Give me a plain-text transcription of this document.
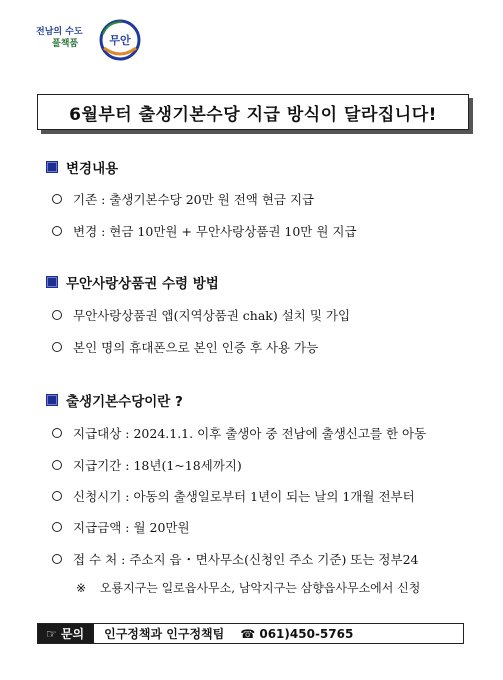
전남의 수도
풀책품	무안
6월부터 출생기본수당 지급 방식이 달라집니다!
변경내용
기존 : 출생기본수당 20만 원 전액 현금 지급
변경 : 현금 10만원 + 무안사랑상품권 10만 원 지급
무안사랑상품권 수령 방법
무안사랑상품권 앱(지역상품권 chak) 설치 및 가입
본인 명의 휴대폰으로 본인 인증 후 사용 가능
출생기본수당이란 ?
지급대상 : 2024.1.1. 이후 출생아 중 전남에 출생신고를 한 아동
지급기간 : 18년(1~18세까지)
신청시기 : 아동의 출생일로부터 1년이 되는 날의 1개월 전부터
지급금액 : 월 20만원
접 수 처 : 주소지 읍 ･ 면사무소(신청인 주소 기준) 또는 정부24
※ 오룡지구는 일로읍사무소, 남악지구는 삼향읍사무소에서 신청
☞ 문의	인구정책과 인구정책팀 ☎ 061)450-5765
